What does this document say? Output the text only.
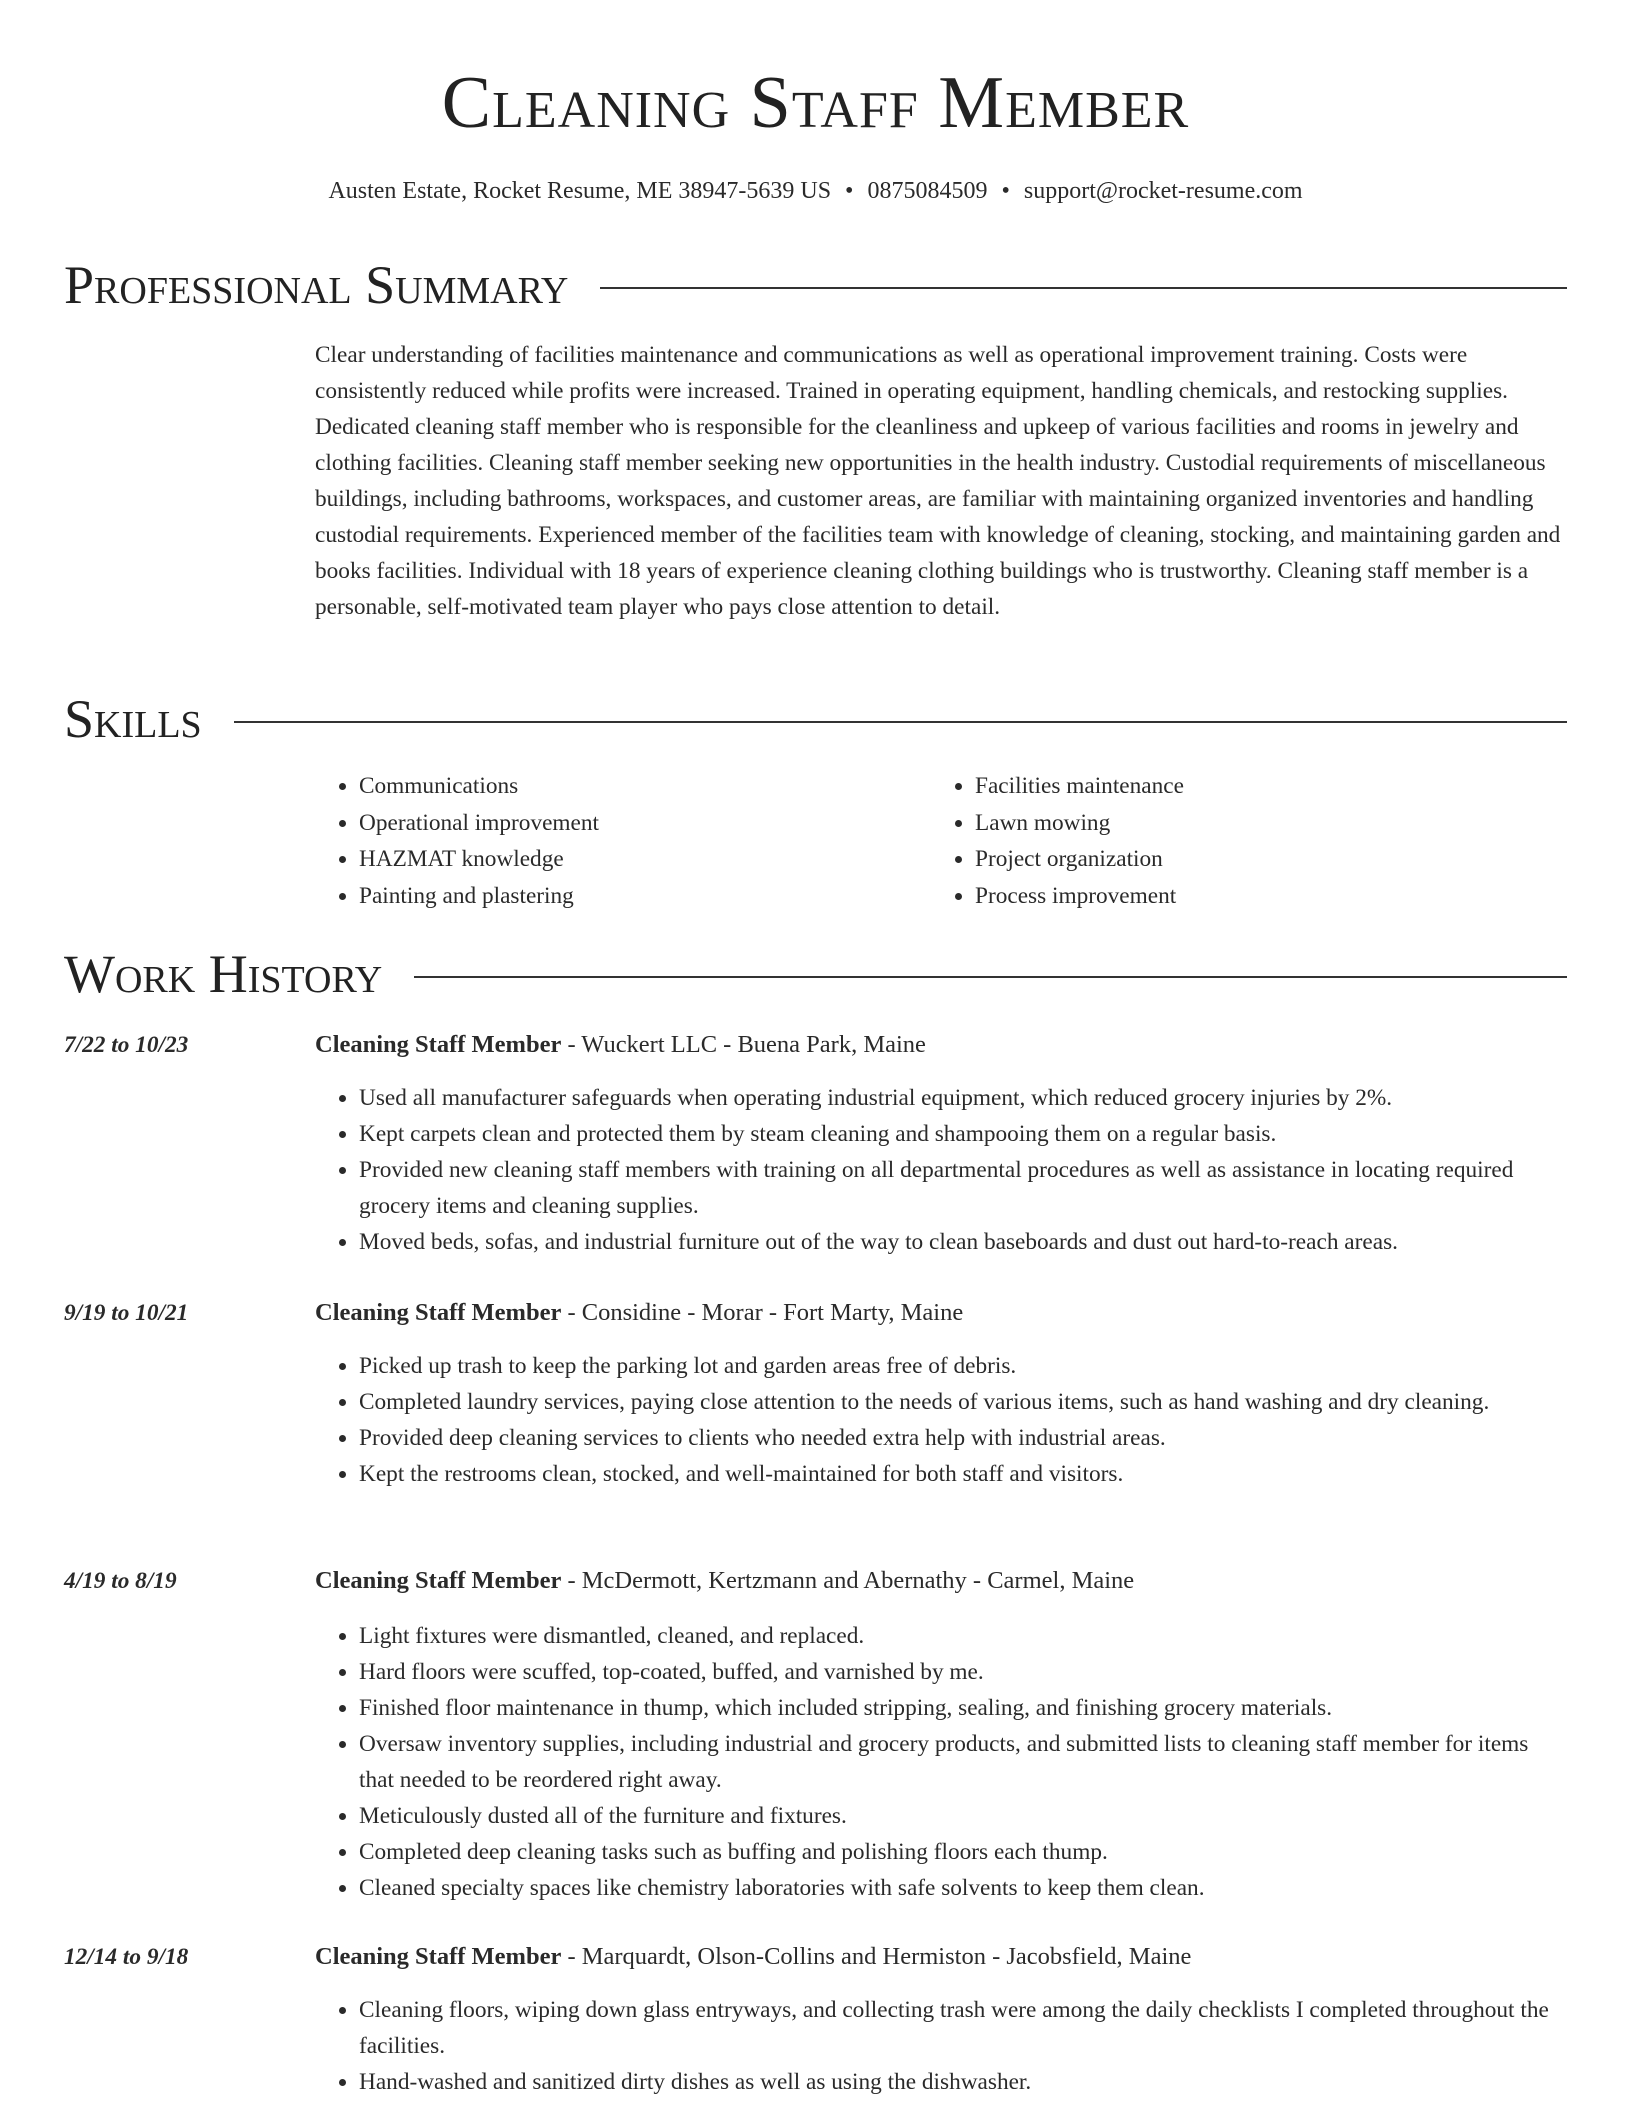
Cleaning Staff Member
Austen Estate, Rocket Resume, ME 38947-5639 US • 0875084509 • support@rocket-resume.com
Professional Summary

Clear understanding of facilities maintenance and communications as well as operational improvement training. Costs were consistently reduced while profits were increased. Trained in operating equipment, handling chemicals, and restocking supplies. Dedicated cleaning staff member who is responsible for the cleanliness and upkeep of various facilities and rooms in jewelry and clothing facilities. Cleaning staff member seeking new opportunities in the health industry. Custodial requirements of miscellaneous buildings, including bathrooms, workspaces, and customer areas, are familiar with maintaining organized inventories and handling custodial requirements. Experienced member of the facilities team with knowledge of cleaning, stocking, and maintaining garden and books facilities. Individual with 18 years of experience cleaning clothing buildings who is trustworthy. Cleaning staff member is a personable, self-motivated team player who pays close attention to detail.

Skills
• Communications
• Operational improvement
• HAZMAT knowledge
• Painting and plastering
• Facilities maintenance
• Lawn mowing
• Project organization
• Process improvement
Work History
7/22 to 10/23	Cleaning Staff Member - Wuckert LLC - Buena Park, Maine
• Used all manufacturer safeguards when operating industrial equipment, which reduced grocery injuries by 2%.
• Kept carpets clean and protected them by steam cleaning and shampooing them on a regular basis.
• Provided new cleaning staff members with training on all departmental procedures as well as assistance in locating required grocery items and cleaning supplies.
• Moved beds, sofas, and industrial furniture out of the way to clean baseboards and dust out hard-to-reach areas.
9/19 to 10/21	Cleaning Staff Member - Considine - Morar - Fort Marty, Maine
• Picked up trash to keep the parking lot and garden areas free of debris.
• Completed laundry services, paying close attention to the needs of various items, such as hand washing and dry cleaning.
• Provided deep cleaning services to clients who needed extra help with industrial areas.
• Kept the restrooms clean, stocked, and well-maintained for both staff and visitors.
4/19 to 8/19	Cleaning Staff Member - McDermott, Kertzmann and Abernathy - Carmel, Maine
• Light fixtures were dismantled, cleaned, and replaced.
• Hard floors were scuffed, top-coated, buffed, and varnished by me.
• Finished floor maintenance in thump, which included stripping, sealing, and finishing grocery materials.
• Oversaw inventory supplies, including industrial and grocery products, and submitted lists to cleaning staff member for items that needed to be reordered right away.
• Meticulously dusted all of the furniture and fixtures.
• Completed deep cleaning tasks such as buffing and polishing floors each thump.
• Cleaned specialty spaces like chemistry laboratories with safe solvents to keep them clean.
12/14 to 9/18	Cleaning Staff Member - Marquardt, Olson-Collins and Hermiston - Jacobsfield, Maine
• Cleaning floors, wiping down glass entryways, and collecting trash were among the daily checklists I completed throughout the facilities.
• Hand-washed and sanitized dirty dishes as well as using the dishwasher.
